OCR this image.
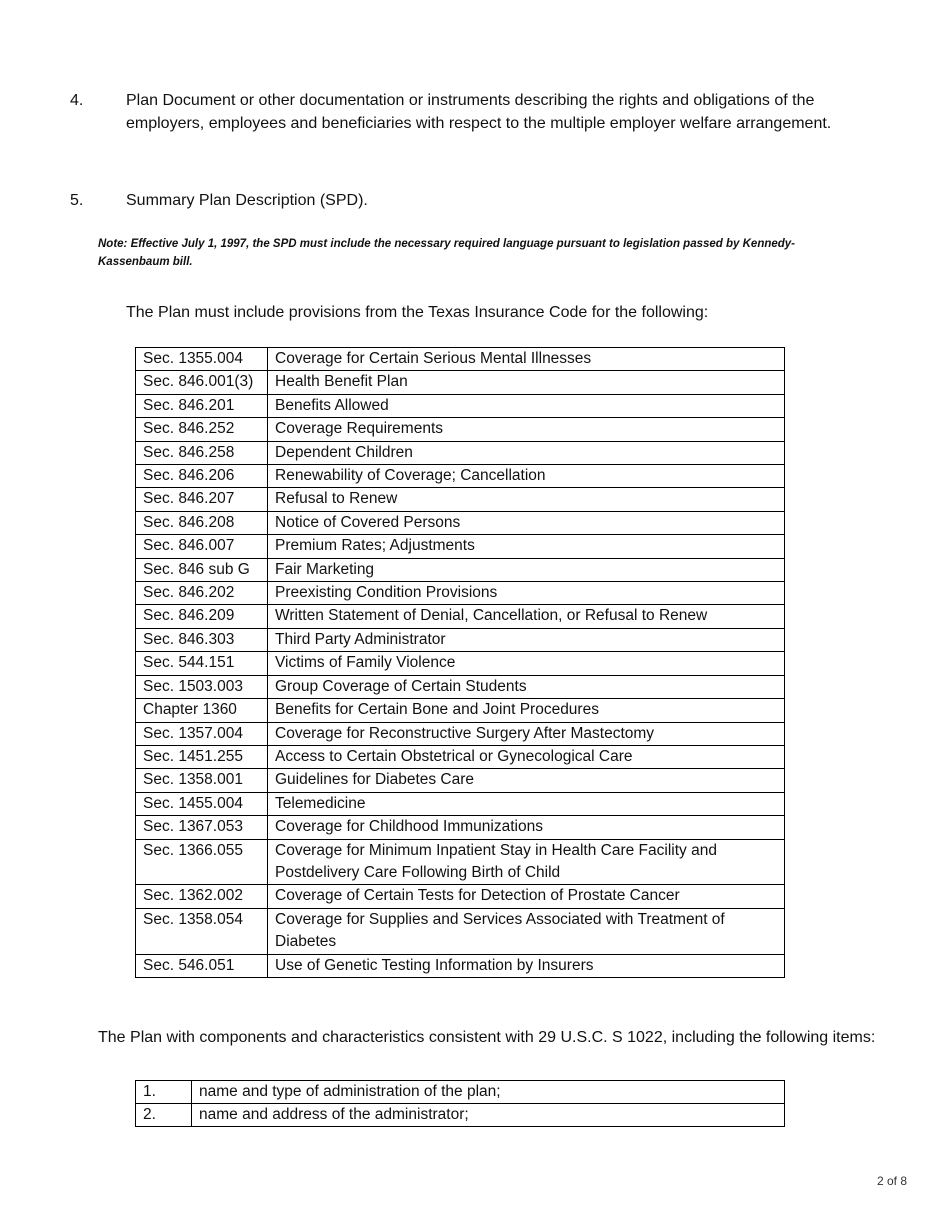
4.	Plan Document or other documentation or instruments describing the rights and obligations of the employers, employees and beneficiaries with respect to the multiple employer welfare arrangement.
5.	Summary Plan Description (SPD).
Note: Effective July 1, 1997, the SPD must include the necessary required language pursuant to legislation passed by Kennedy-Kassenbaum bill.
The Plan must include provisions from the Texas Insurance Code for the following:
Sec. 1355.004	Coverage for Certain Serious Mental Illnesses
Sec. 846.001(3)	Health Benefit Plan
Sec. 846.201	Benefits Allowed
Sec. 846.252	Coverage Requirements
Sec. 846.258	Dependent Children
Sec. 846.206	Renewability of Coverage; Cancellation
Sec. 846.207	Refusal to Renew
Sec. 846.208	Notice of Covered Persons
Sec. 846.007	Premium Rates; Adjustments
Sec. 846 sub G	Fair Marketing
Sec. 846.202	Preexisting Condition Provisions
Sec. 846.209	Written Statement of Denial, Cancellation, or Refusal to Renew
Sec. 846.303	Third Party Administrator
Sec. 544.151	Victims of Family Violence
Sec. 1503.003	Group Coverage of Certain Students
Chapter 1360	Benefits for Certain Bone and Joint Procedures
Sec. 1357.004	Coverage for Reconstructive Surgery After Mastectomy
Sec. 1451.255	Access to Certain Obstetrical or Gynecological Care
Sec. 1358.001	Guidelines for Diabetes Care
Sec. 1455.004	Telemedicine
Sec. 1367.053	Coverage for Childhood Immunizations
Sec. 1366.055	Coverage for Minimum Inpatient Stay in Health Care Facility and Postdelivery Care Following Birth of Child
Sec. 1362.002	Coverage of Certain Tests for Detection of Prostate Cancer
Sec. 1358.054	Coverage for Supplies and Services Associated with Treatment of Diabetes
Sec. 546.051	Use of Genetic Testing Information by Insurers
The Plan with components and characteristics consistent with 29 U.S.C. S 1022, including the following items:
1.	name and type of administration of the plan;
2.	name and address of the administrator;
2 of 8
